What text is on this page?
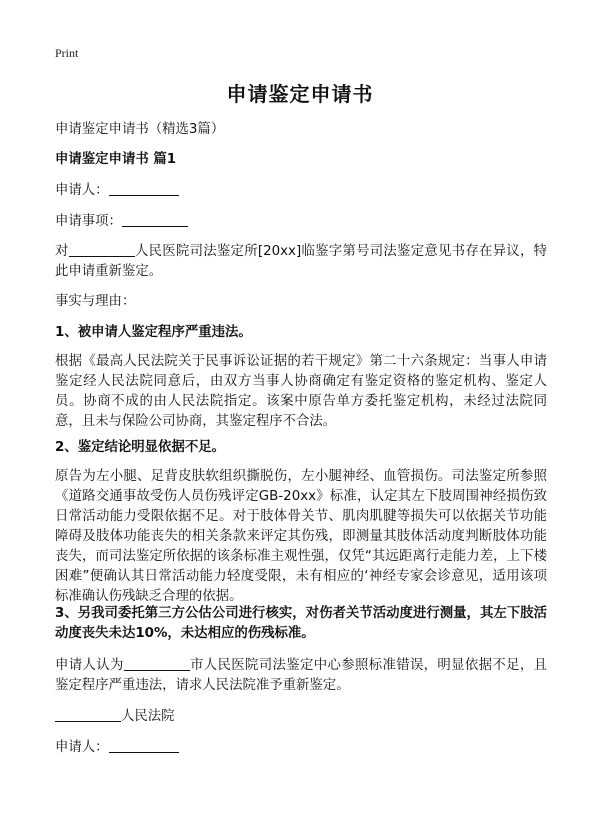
Print
申请鉴定申请书
申请鉴定申请书（精选3篇）
申请鉴定申请书 篇1
申请人：
申请事项：
对	人民医院司法鉴定所[20xx]临鉴字第号司法鉴定意见书存在异议，特此申请重新鉴定。
事实与理由：
1、被申请人鉴定程序严重违法。
根据《最高人民法院关于民事诉讼证据的若干规定》第二十六条规定：当事人申请鉴定经人民法院同意后，由双方当事人协商确定有鉴定资格的鉴定机构、鉴定人员。协商不成的由人民法院指定。该案中原告单方委托鉴定机构，未经过法院同意，且未与保险公司协商，其鉴定程序不合法。
2、鉴定结论明显依据不足。
原告为左小腿、足背皮肤软组织撕脱伤，左小腿神经、血管损伤。司法鉴定所参照《道路交通事故受伤人员伤残评定GB-20xx》标准，认定其左下肢周围神经损伤致日常活动能力受限依据不足。对于肢体骨关节、肌肉肌腱等损失可以依据关节功能障碍及肢体功能丧失的相关条款来评定其伤残，即测量其肢体活动度判断肢体功能丧失，而司法鉴定所依据的该条标准主观性强，仅凭“其远距离行走能力差，上下楼困难”便确认其日常活动能力轻度受限，未有相应的‘神经专家会诊意见，适用该项标准确认伤残缺乏合理的依据。
3、另我司委托第三方公估公司进行核实，对伤者关节活动度进行测量，其左下肢活动度丧失未达10%，未达相应的伤残标准。
申请人认为	市人民医院司法鉴定中心参照标准错误，明显依据不足，且鉴定程序严重违法，请求人民法院准予重新鉴定。
人民法院
申请人：
